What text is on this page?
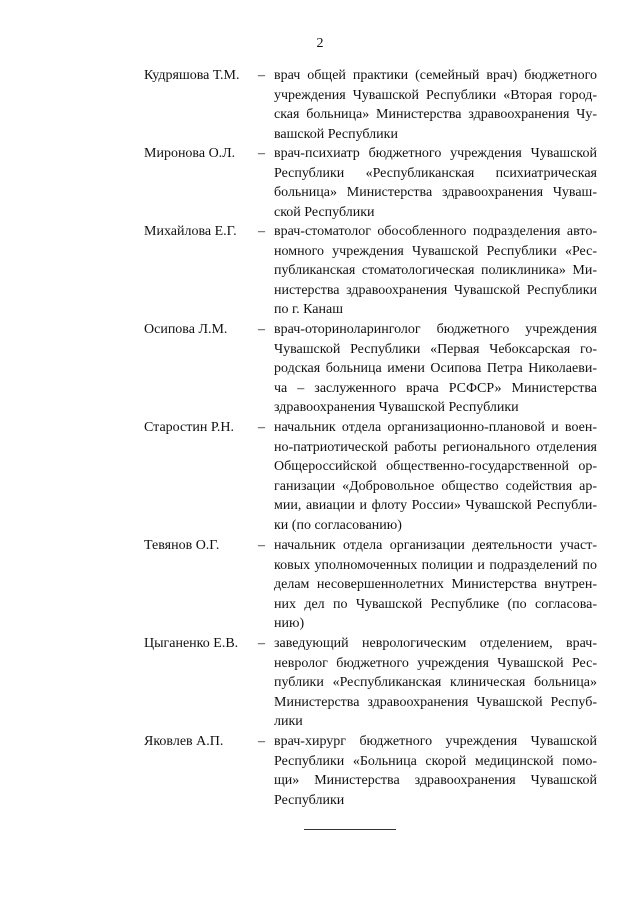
2
Кудряшова Т.М. – врач общей практики (семейный врач) бюджетного
учреждения Чувашской Республики «Вторая город-
ская больница» Министерства здравоохранения Чу-
вашской Республики
Миронова О.Л. – врач-психиатр бюджетного учреждения Чувашской
Республики «Республиканская психиатрическая
больница» Министерства здравоохранения Чуваш-
ской Республики
Михайлова Е.Г. – врач-стоматолог обособленного подразделения авто-
номного учреждения Чувашской Республики «Рес-
публиканская стоматологическая поликлиника» Ми-
нистерства здравоохранения Чувашской Республики
по г. Канаш
Осипова Л.М. – врач-оториноларинголог бюджетного учреждения
Чувашской Республики «Первая Чебоксарская го-
родская больница имени Осипова Петра Николаеви-
ча – заслуженного врача РСФСР» Министерства
здравоохранения Чувашской Республики
Старостин Р.Н. – начальник отдела организационно-плановой и воен-
но-патриотической работы регионального отделения
Общероссийской общественно-государственной ор-
ганизации «Добровольное общество содействия ар-
мии, авиации и флоту России» Чувашской Республи-
ки (по согласованию)
Тевянов О.Г.	– начальник отдела организации деятельности участ-
ковых уполномоченных полиции и подразделений по
делам несовершеннолетних Министерства внутрен-
них дел по Чувашской Республике (по согласова-
нию)
Цыганенко Е.В. – заведующий неврологическим отделением, врач-
невролог бюджетного учреждения Чувашской Рес-
публики «Республиканская клиническая больница»
Министерства здравоохранения Чувашской Респуб-
лики
Яковлев А.П. – врач-хирург бюджетного учреждения Чувашской
Республики «Больница скорой медицинской помо-
щи» Министерства здравоохранения Чувашской
Республики
